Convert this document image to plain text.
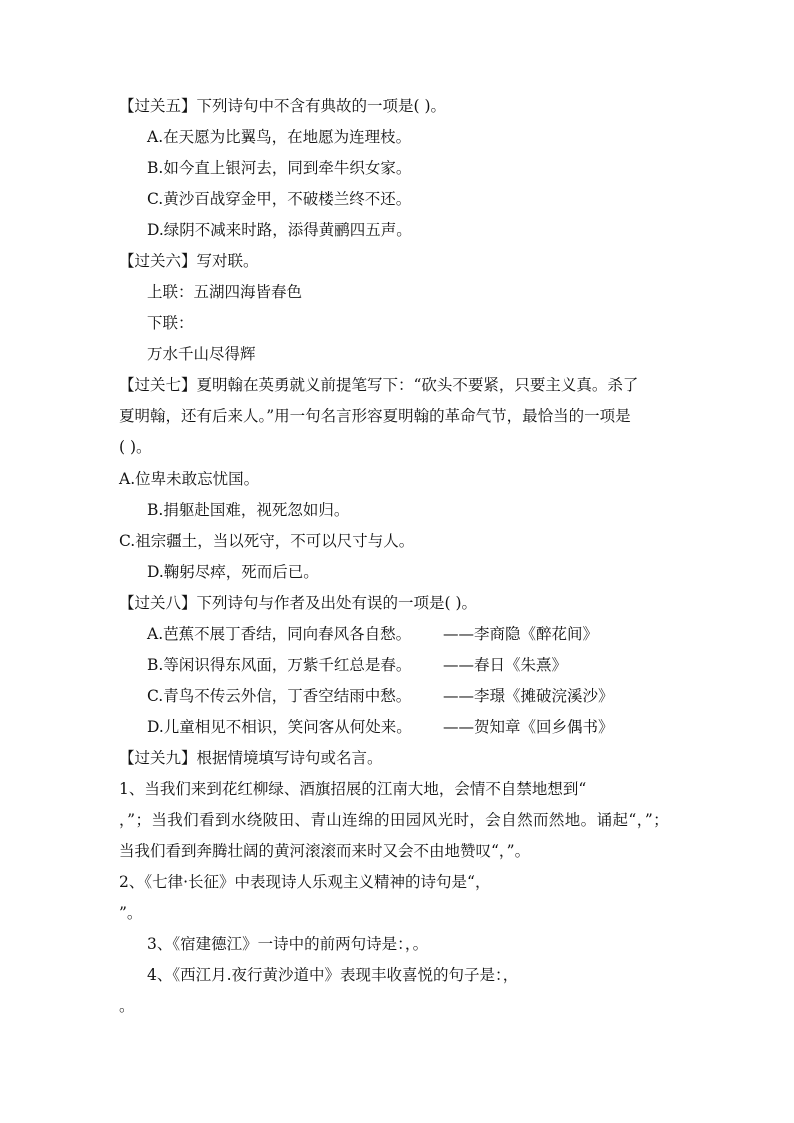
【过关五】下列诗句中不含有典故的一项是( )。
A.在天愿为比翼鸟，在地愿为连理枝。
B.如今直上银河去，同到牵牛织女家。
C.黄沙百战穿金甲，不破楼兰终不还。
D.绿阴不减来时路，添得黄鹂四五声。
【过关六】写对联。
上联：五湖四海皆春色
下联：
万水千山尽得辉
【过关七】夏明翰在英勇就义前提笔写下：“砍头不要紧，只要主义真。杀了
夏明翰，还有后来人。”用一句名言形容夏明翰的革命气节，最恰当的一项是
( )。
A.位卑未敢忘忧国。
B.捐躯赴国难，视死忽如归。
C.祖宗疆土，当以死守，不可以尺寸与人。
D.鞠躬尽瘁，死而后已。
【过关八】下列诗句与作者及出处有误的一项是( )。
A.芭蕉不展丁香结，同向春风各自愁。 ——李商隐《醉花间》
B.等闲识得东风面，万紫千红总是春。 ——春日《朱熹》
C.青鸟不传云外信，丁香空结雨中愁。 ——李璟《摊破浣溪沙》
D.儿童相见不相识，笑问客从何处来。 ——贺知章《回乡偶书》
【过关九】根据情境填写诗句或名言。
1、当我们来到花红柳绿、酒旗招展的江南大地，会情不自禁地想到“
，”；当我们看到水绕陂田、青山连绵的田园风光时，会自然而然地。诵起“，”；
当我们看到奔腾壮阔的黄河滚滚而来时又会不由地赞叹“，”。
2、《七律·长征》中表现诗人乐观主义精神的诗句是“，
”。
3、《宿建德江》一诗中的前两句诗是：，。
4、《西江月.夜行黄沙道中》表现丰收喜悦的句子是：，
。
